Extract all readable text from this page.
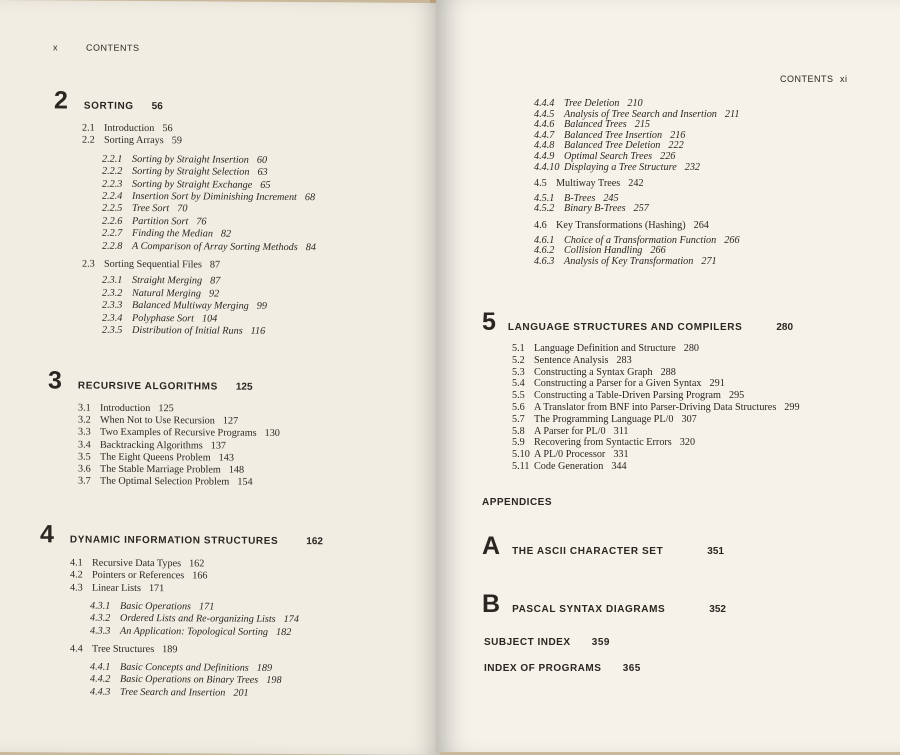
x	CONTENTS
2 SORTING 56
2.1 Introduction 56
2.2 Sorting Arrays 59
2.2.1 Sorting by Straight Insertion 60
2.2.2 Sorting by Straight Selection 63
2.2.3 Sorting by Straight Exchange 65
2.2.4 Insertion Sort by Diminishing Increment 68
2.2.5 Tree Sort 70
2.2.6 Partition Sort 76
2.2.7 Finding the Median 82
2.2.8 A Comparison of Array Sorting Methods 84
2.3 Sorting Sequential Files 87
2.3.1 Straight Merging 87
2.3.2 Natural Merging 92
2.3.3 Balanced Multiway Merging 99
2.3.4 Polyphase Sort 104
2.3.5 Distribution of Initial Runs 116
3 RECURSIVE ALGORITHMS 125
3.1 Introduction 125
3.2 When Not to Use Recursion 127
3.3 Two Examples of Recursive Programs 130
3.4 Backtracking Algorithms 137
3.5 The Eight Queens Problem 143
3.6 The Stable Marriage Problem 148
3.7 The Optimal Selection Problem 154
4 DYNAMIC INFORMATION STRUCTURES	162
4.1 Recursive Data Types 162
4.2 Pointers or References 166
4.3 Linear Lists 171
4.3.1 Basic Operations 171
4.3.2 Ordered Lists and Re-organizing Lists 174
4.3.3 An Application: Topological Sorting 182
4.4 Tree Structures 189
4.4.1 Basic Concepts and Definitions 189
4.4.2 Basic Operations on Binary Trees 198
4.4.3 Tree Search and Insertion 201
CONTENTS xi
4.4.4 Tree Deletion 210
4.4.5 Analysis of Tree Search and Insertion 211
4.4.6 Balanced Trees 215
4.4.7 Balanced Tree Insertion 216
4.4.8 Balanced Tree Deletion 222
4.4.9 Optimal Search Trees 226
4.4.10 Displaying a Tree Structure 232
4.5 Multiway Trees 242
4.5.1 B-Trees 245
4.5.2 Binary B-Trees 257
4.6 Key Transformations (Hashing) 264
4.6.1 Choice of a Transformation Function 266
4.6.2 Collision Handling 266
4.6.3 Analysis of Key Transformation 271
5 LANGUAGE STRUCTURES AND COMPILERS	280
5.1 Language Definition and Structure 280
5.2 Sentence Analysis 283
5.3 Constructing a Syntax Graph 288
5.4 Constructing a Parser for a Given Syntax 291
5.5 Constructing a Table-Driven Parsing Program 295
5.6 A Translator from BNF into Parser-Driving Data Structures 299
5.7 The Programming Language PL/0 307
5.8 A Parser for PL/0 311
5.9 Recovering from Syntactic Errors 320
5.10 A PL/0 Processor 331
5.11 Code Generation 344
APPENDICES
A THE ASCII CHARACTER SET	351
B PASCAL SYNTAX DIAGRAMS	352
SUBJECT INDEX 359
INDEX OF PROGRAMS 365
